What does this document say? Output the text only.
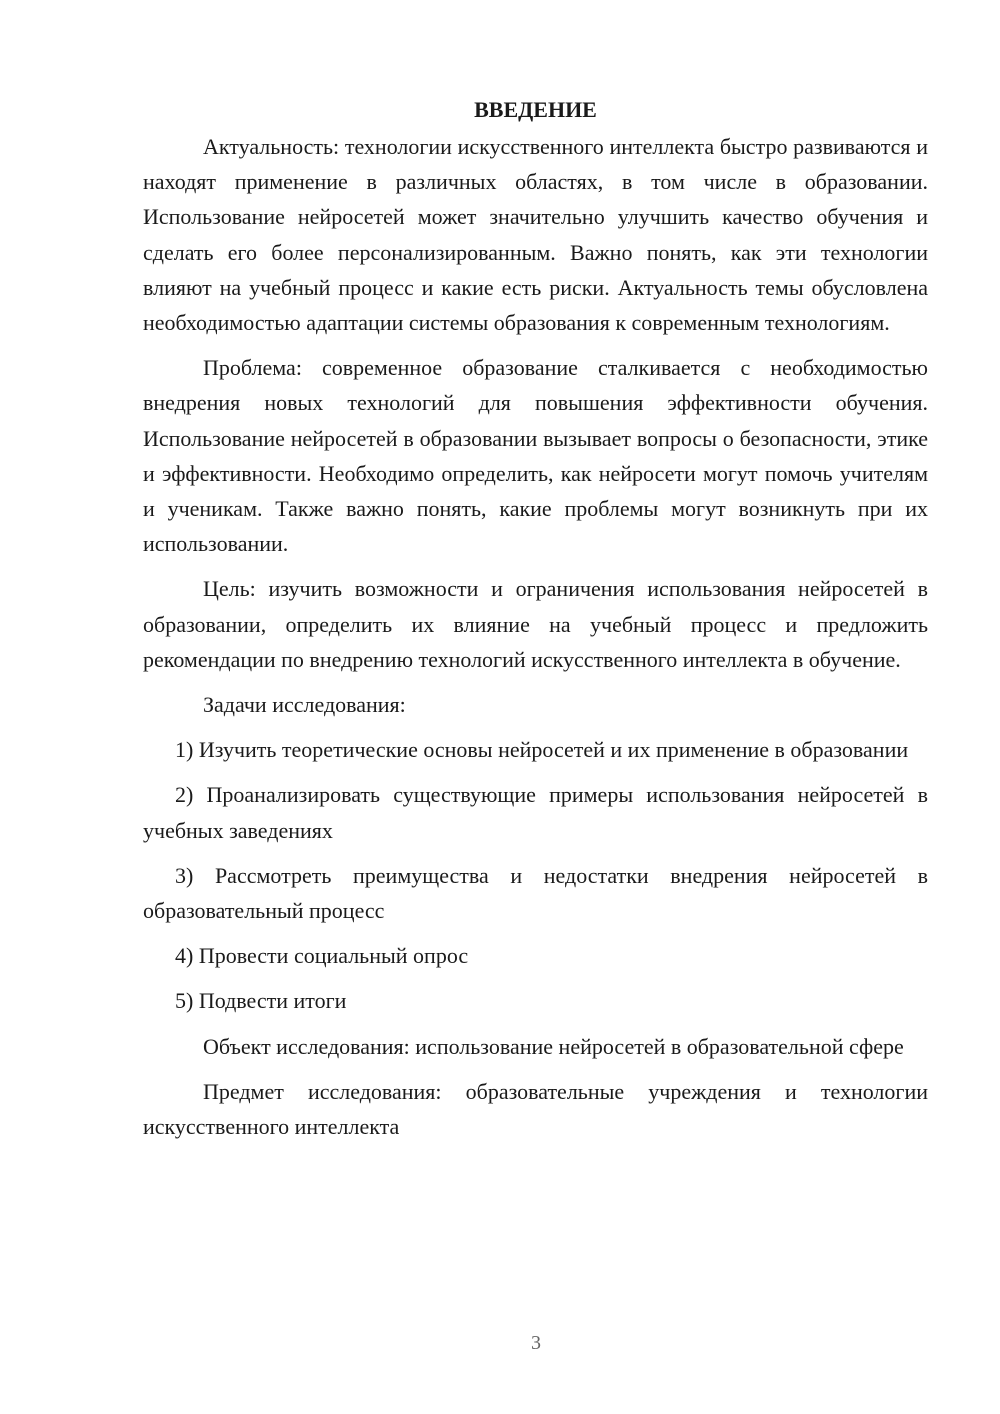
ВВЕДЕНИЕ

Актуальность: технологии искусственного интеллекта быстро развиваются и находят применение в различных областях, в том числе в образовании. Использование нейросетей может значительно улучшить качество обучения и сделать его более персонализированным. Важно понять, как эти технологии влияют на учебный процесс и какие есть риски. Актуальность темы обусловлена необходимостью адаптации системы образования к современным технологиям.

Проблема: современное образование сталкивается с необходимостью внедрения новых технологий для повышения эффективности обучения. Использование нейросетей в образовании вызывает вопросы о безопасности, этике и эффективности. Необходимо определить, как нейросети могут помочь учителям и ученикам. Также важно понять, какие проблемы могут возникнуть при их использовании.

Цель: изучить возможности и ограничения использования нейросетей в образовании, определить их влияние на учебный процесс и предложить рекомендации по внедрению технологий искусственного интеллекта в обучение.

Задачи исследования:

1) Изучить теоретические основы нейросетей и их применение в образовании

2) Проанализировать существующие примеры использования нейросетей в учебных заведениях

3) Рассмотреть преимущества и недостатки внедрения нейросетей в образовательный процесс

4) Провести социальный опрос

5) Подвести итоги

Объект исследования: использование нейросетей в образовательной сфере

Предмет исследования: образовательные учреждения и технологии искусственного интеллекта

3
